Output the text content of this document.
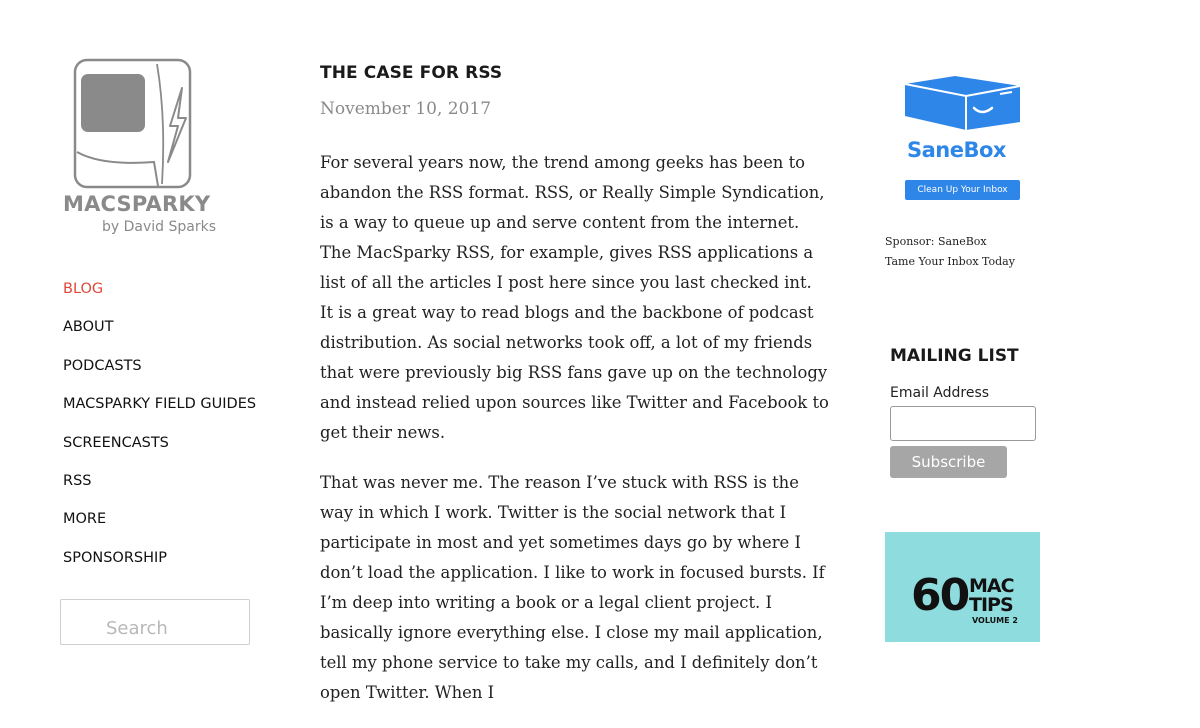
MACSPARKY
by David Sparks
BLOG
ABOUT
PODCASTS
MACSPARKY FIELD GUIDES
SCREENCASTS
RSS
MORE
SPONSORSHIP
Search
THE CASE FOR RSS
November 10, 2017

For several years now, the trend among geeks has been to abandon the RSS format. RSS, or Really Simple Syndication, is a way to queue up and serve content from the internet. The MacSparky RSS, for example, gives RSS applications a list of all the articles I post here since you last checked int. It is a great way to read blogs and the backbone of podcast distribution. As social networks took off, a lot of my friends that were previously big RSS fans gave up on the technology and instead relied upon sources like Twitter and Facebook to get their news.

That was never me. The reason I’ve stuck with RSS is the way in which I work. Twitter is the social network that I participate in most and yet sometimes days go by where I don’t load the application. I like to work in focused bursts. If I’m deep into writing a book or a legal client project. I basically ignore everything else. I close my mail application, tell my phone service to take my calls, and I definitely don’t open Twitter. When I

SaneBox
Clean Up Your Inbox
Sponsor: SaneBox
Tame Your Inbox Today
MAILING LIST
Email Address
Subscribe
60 MAC
TIPS
VOLUME 2
